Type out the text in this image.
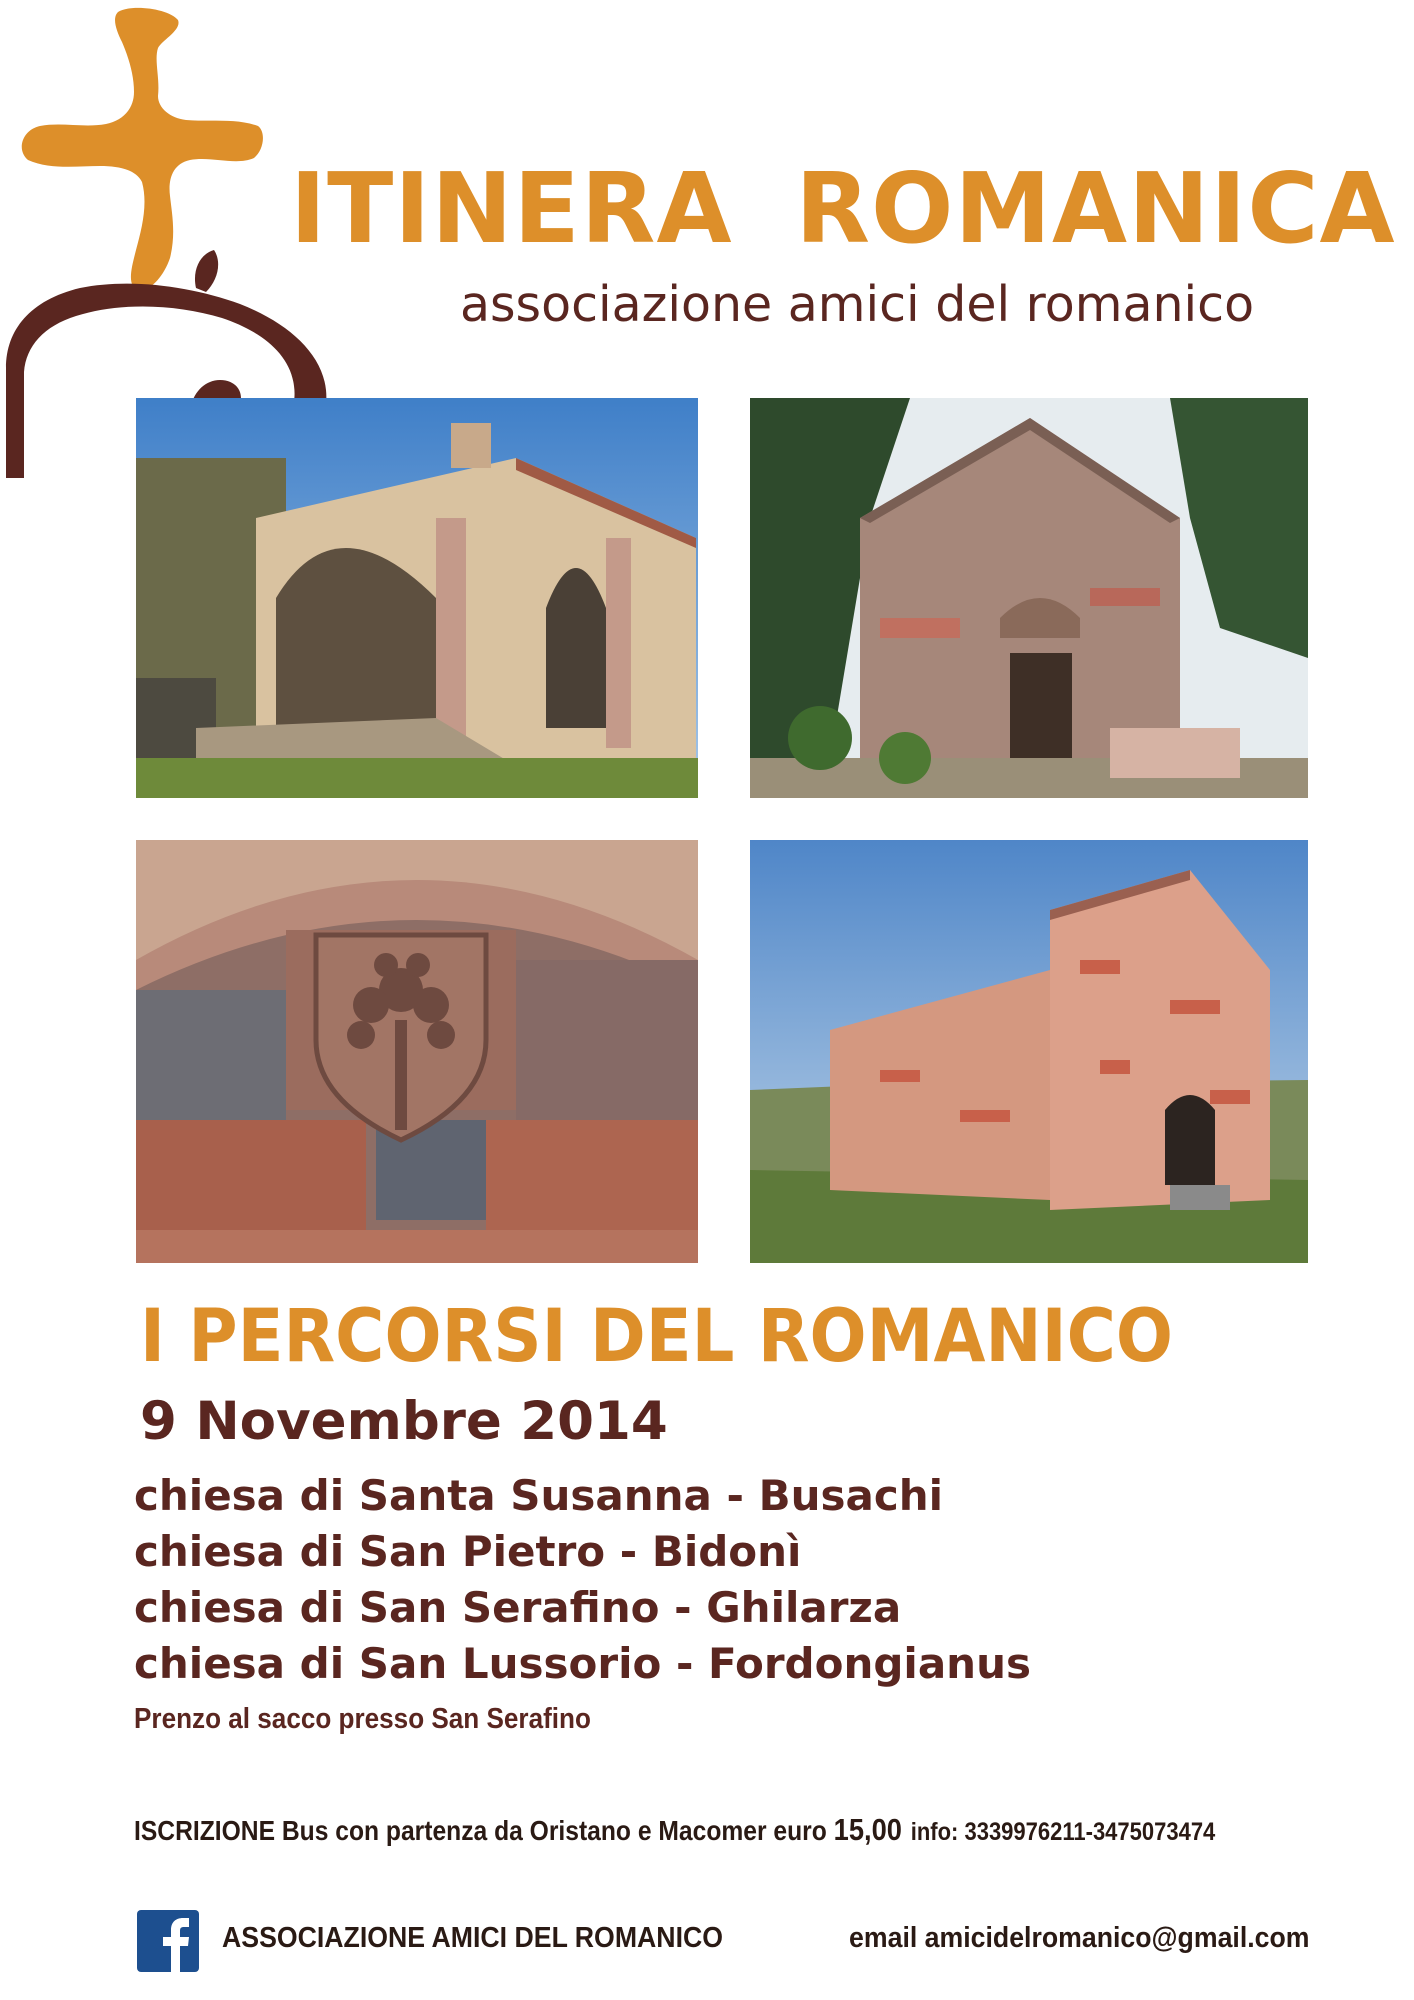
ITINERA ROMANICA
associazione amici del romanico
I PERCORSI DEL ROMANICO
9 Novembre 2014
chiesa di Santa Susanna - Busachi
chiesa di San Pietro - Bidonì
chiesa di San Serafino - Ghilarza
chiesa di San Lussorio - Fordongianus
Prenzo al sacco presso San Serafino
ISCRIZIONE Bus con partenza da Oristano e Macomer euro 15,00 info: 3339976211-3475073474
ASSOCIAZIONE AMICI DEL ROMANICO	email amicidelromanico@gmail.com
